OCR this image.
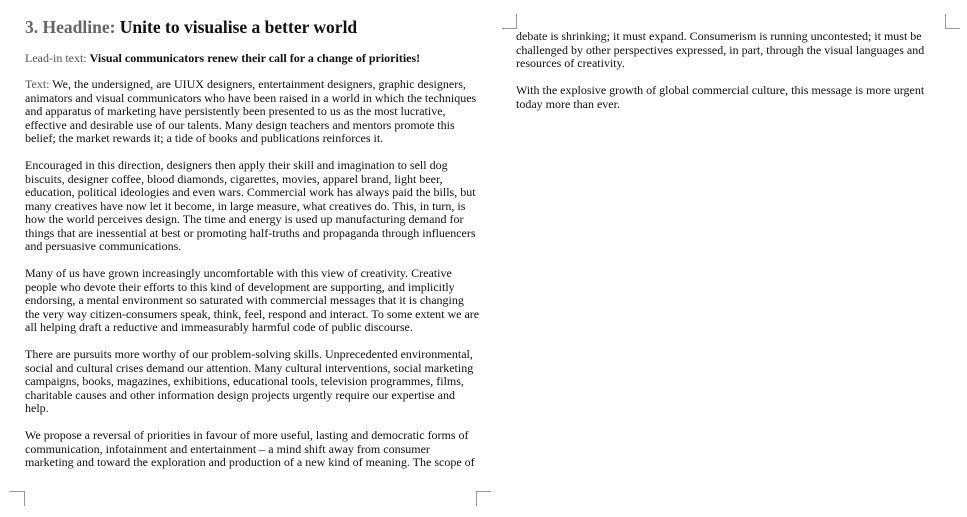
3. Headline: Unite to visualise a better world

Lead-in text: Visual communicators renew their call for a change of priorities!

Text: We, the undersigned, are UIUX designers, entertainment designers, graphic designers, animators and visual communicators who have been raised in a world in which the techniques and apparatus of marketing have persistently been presented to us as the most lucrative, effective and desirable use of our talents. Many design teachers and mentors promote this belief; the market rewards it; a tide of books and publications reinforces it.

Encouraged in this direction, designers then apply their skill and imagination to sell dog biscuits, designer coffee, blood diamonds, cigarettes, movies, apparel brand, light beer, education, political ideologies and even wars. Commercial work has always paid the bills, but many creatives have now let it become, in large measure, what creatives do. This, in turn, is how the world perceives design. The time and energy is used up manufacturing demand for things that are inessential at best or promoting half-truths and propaganda through influencers and persuasive communications.

Many of us have grown increasingly uncomfortable with this view of creativity. Creative people who devote their efforts to this kind of development are supporting, and implicitly endorsing, a mental environment so saturated with commercial messages that it is changing the very way citizen-consumers speak, think, feel, respond and interact. To some extent we are all helping draft a reductive and immeasurably harmful code of public discourse.

There are pursuits more worthy of our problem-solving skills. Unprecedented environmental, social and cultural crises demand our attention. Many cultural interventions, social marketing campaigns, books, magazines, exhibitions, educational tools, television programmes, films, charitable causes and other information design projects urgently require our expertise and help.

We propose a reversal of priorities in favour of more useful, lasting and democratic forms of communication, infotainment and entertainment – a mind shift away from consumer marketing and toward the exploration and production of a new kind of meaning. The scope of

debate is shrinking; it must expand. Consumerism is running uncontested; it must be challenged by other perspectives expressed, in part, through the visual languages and resources of creativity.

With the explosive growth of global commercial culture, this message is more urgent today more than ever.
